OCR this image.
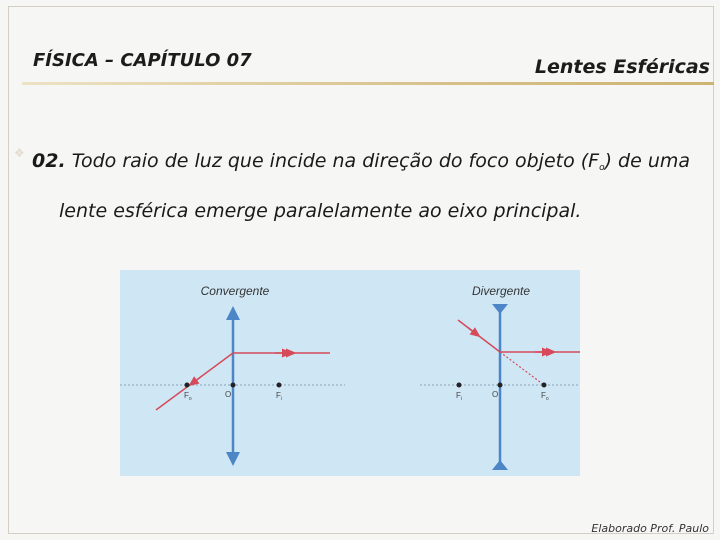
FÍSICA – CAPÍTULO 07	Lentes Esféricas
❖ 02. Todo raio de luz que incide na direção do foco objeto $(F_o)$ de uma
lente esférica emerge paralelamente ao eixo principal.
Convergente
$F_o$	O	$F_i$
Divergente
$F_i$	O	$F_o$
Elaborado Prof. Paulo
